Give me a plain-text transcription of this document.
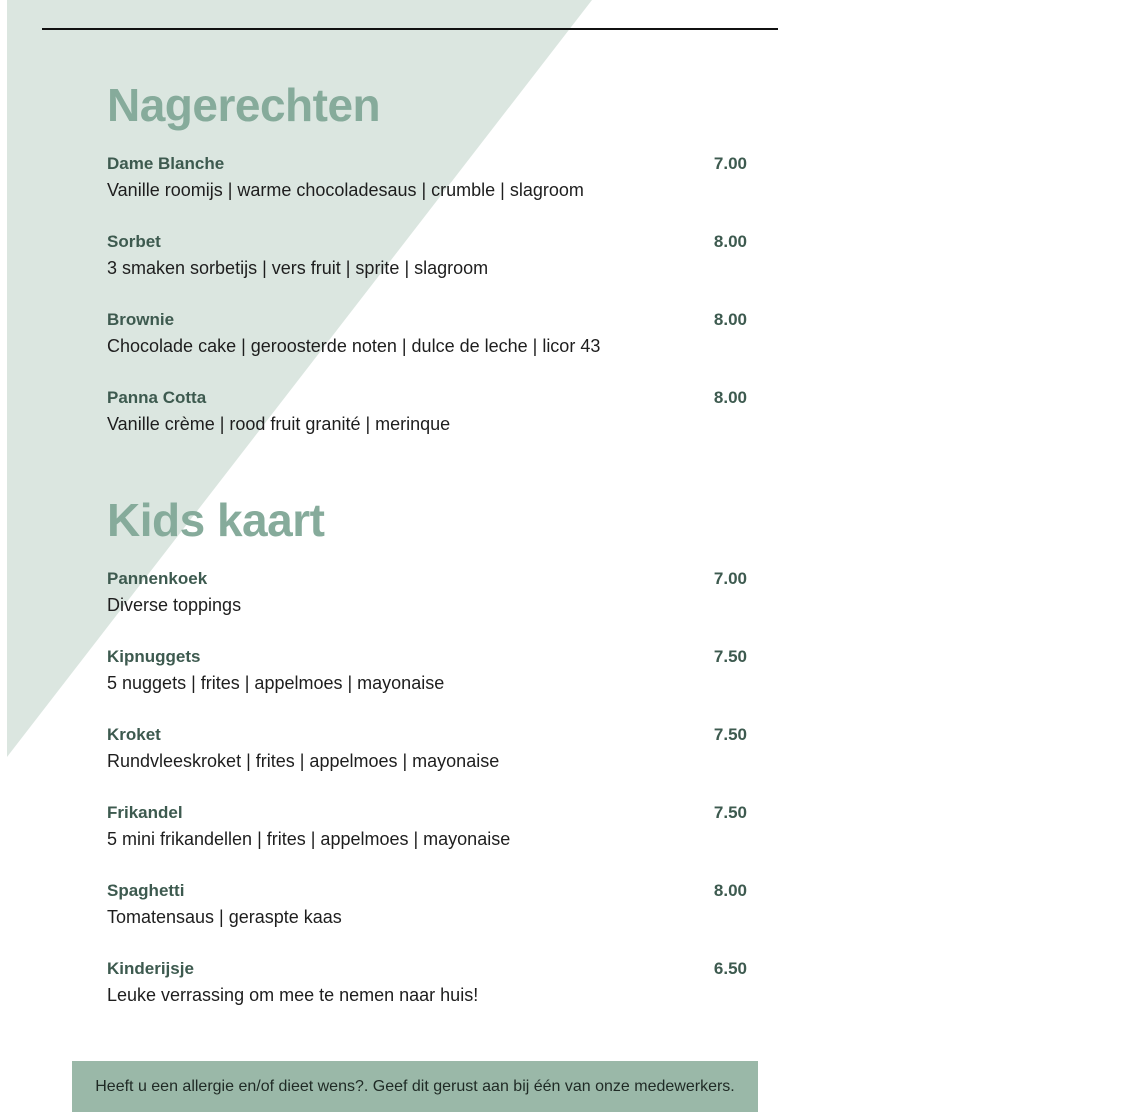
Nagerechten
Dame Blanche	7.00
Vanille roomijs | warme chocoladesaus | crumble | slagroom
Sorbet	8.00
3 smaken sorbetijs | vers fruit | sprite | slagroom
Brownie	8.00
Chocolade cake | geroosterde noten | dulce de leche | licor 43
Panna Cotta	8.00
Vanille crème | rood fruit granité | merinque
Kids kaart
Pannenkoek	7.00
Diverse toppings
Kipnuggets	7.50
5 nuggets | frites | appelmoes | mayonaise
Kroket	7.50
Rundvleeskroket | frites | appelmoes | mayonaise
Frikandel	7.50
5 mini frikandellen | frites | appelmoes | mayonaise
Spaghetti	8.00
Tomatensaus | geraspte kaas
Kinderijsje	6.50
Leuke verrassing om mee te nemen naar huis!
Heeft u een allergie en/of dieet wens?. Geef dit gerust aan bij één van onze medewerkers.
